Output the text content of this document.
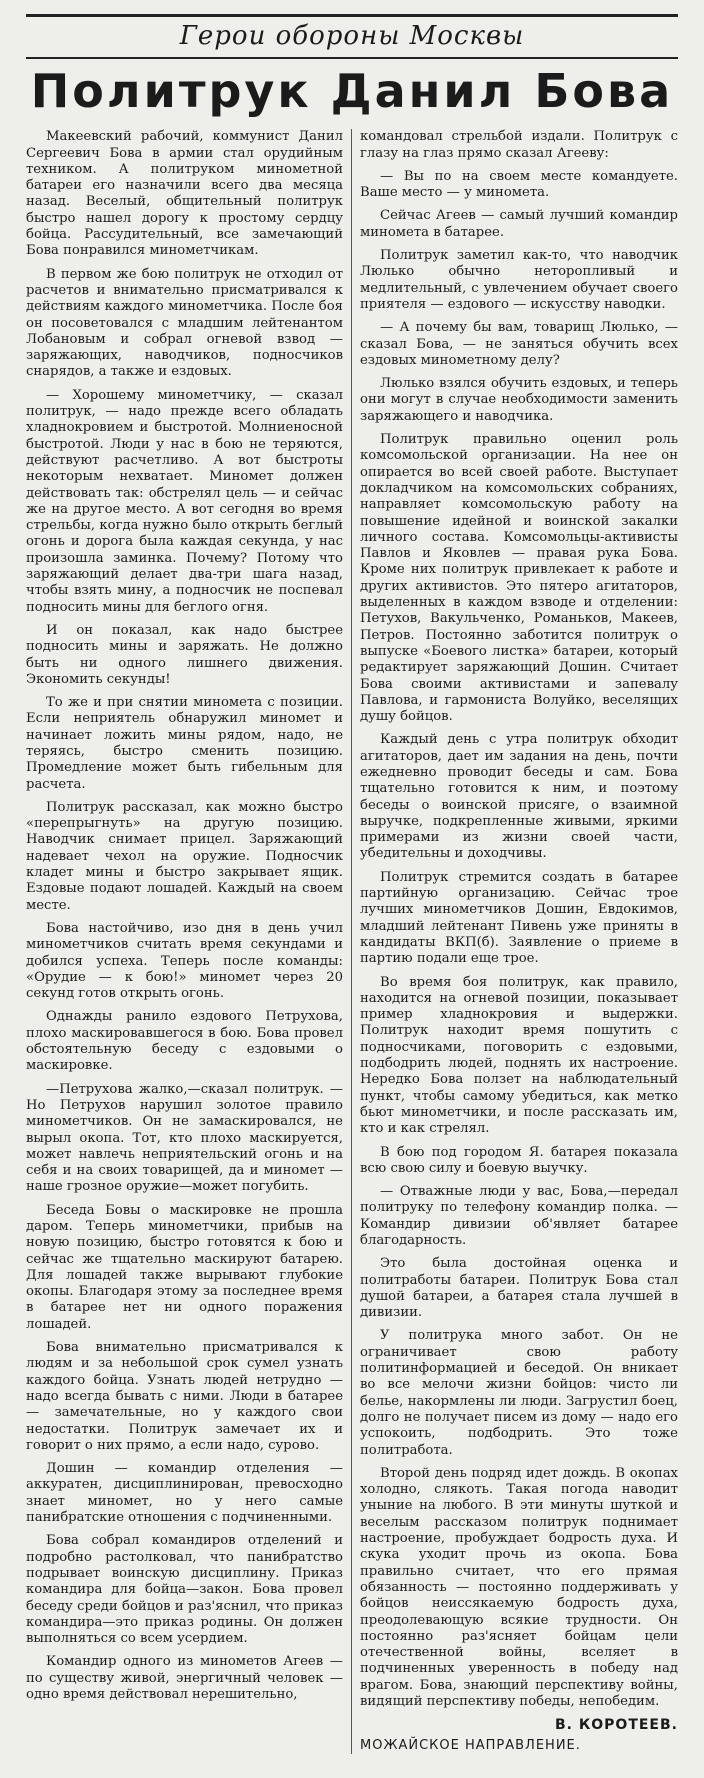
Герои обороны Москвы
Политрук Данил Бова

Макеевский рабочий, коммунист Данил Сергеевич Бова в армии стал орудийным техником. А политруком минометной батареи его назначили всего два месяца назад. Веселый, общительный политрук быстро нашел дорогу к простому сердцу бойца. Рассудительный, все замечающий Бова понравился минометчикам.

В первом же бою политрук не отходил от расчетов и внимательно присматривался к действиям каждого минометчика. После боя он посоветовался с младшим лейтенантом Лобановым и собрал огневой взвод — заряжающих, наводчиков, подносчиков снарядов, а также и ездовых.

— Хорошему минометчику, — сказал политрук, — надо прежде всего обладать хладнокровием и быстротой. Молниеносной быстротой. Люди у нас в бою не теряются, действуют расчетливо. А вот быстроты некоторым нехватает. Миномет должен действовать так: обстрелял цель — и сейчас же на другое место. А вот сегодня во время стрельбы, когда нужно было открыть беглый огонь и дорога была каждая секунда, у нас произошла заминка. Почему? Потому что заряжающий делает два-три шага назад, чтобы взять мину, а подносчик не поспевал подносить мины для беглого огня.

И он показал, как надо быстрее подносить мины и заряжать. Не должно быть ни одного лишнего движения. Экономить секунды!

То же и при снятии миномета с позиции. Если неприятель обнаружил миномет и начинает ложить мины рядом, надо, не теряясь, быстро сменить позицию. Промедление может быть гибельным для расчета.

Политрук рассказал, как можно быстро «перепрыгнуть» на другую позицию. Наводчик снимает прицел. Заряжающий надевает чехол на оружие. Подносчик кладет мины и быстро закрывает ящик. Ездовые подают лошадей. Каждый на своем месте.

Бова настойчиво, изо дня в день учил минометчиков считать время секундами и добился успеха. Теперь после команды: «Орудие — к бою!» миномет через 20 секунд готов открыть огонь.

Однажды ранило ездового Петрухова, плохо маскировавшегося в бою. Бова провел обстоятельную беседу с ездовыми о маскировке.

—Петрухова жалко,—сказал политрук. — Но Петрухов нарушил золотое правило минометчиков. Он не замаскировался, не вырыл окопа. Тот, кто плохо маскируется, может навлечь неприятельский огонь и на себя и на своих товарищей, да и миномет — наше грозное оружие—может погубить.

Беседа Бовы о маскировке не прошла даром. Теперь минометчики, прибыв на новую позицию, быстро готовятся к бою и сейчас же тщательно маскируют батарею. Для лошадей также вырывают глубокие окопы. Благодаря этому за последнее время в батарее нет ни одного поражения лошадей.

Бова внимательно присматривался к людям и за небольшой срок сумел узнать каждого бойца. Узнать людей нетрудно — надо всегда бывать с ними. Люди в батарее — замечательные, но у каждого свои недостатки. Политрук замечает их и говорит о них прямо, а если надо, сурово.

Дошин — командир отделения — аккуратен, дисциплинирован, превосходно знает миномет, но у него самые панибратские отношения с подчиненными.

Бова собрал командиров отделений и подробно растолковал, что панибратство подрывает воинскую дисциплину. Приказ командира для бойца—закон. Бова провел беседу среди бойцов и раз'яснил, что приказ командира—это приказ родины. Он должен выполняться со всем усердием.

Командир одного из минометов Агеев — по существу живой, энергичный человек — одно время действовал нерешительно,

командовал стрельбой издали. Политрук с глазу на глаз прямо сказал Агееву:

— Вы по на своем месте командуете. Ваше место — у миномета.

Сейчас Агеев — самый лучший командир миномета в батарее.

Политрук заметил как-то, что наводчик Люлько обычно неторопливый и медлительный, с увлечением обучает своего приятеля — ездового — искусству наводки.

— А почему бы вам, товарищ Люлько, — сказал Бова, — не заняться обучить всех ездовых минометному делу?

Люлько взялся обучить ездовых, и теперь они могут в случае необходимости заменить заряжающего и наводчика.

Политрук правильно оценил роль комсомольской организации. На нее он опирается во всей своей работе. Выступает докладчиком на комсомольских собраниях, направляет комсомольскую работу на повышение идейной и воинской закалки личного состава. Комсомольцы-активисты Павлов и Яковлев — правая рука Бова. Кроме них политрук привлекает к работе и других активистов. Это пятеро агитаторов, выделенных в каждом взводе и отделении: Петухов, Вакульченко, Романьков, Макеев, Петров. Постоянно заботится политрук о выпуске «Боевого листка» батареи, который редактирует заряжающий Дошин. Считает Бова своими активистами и запевалу Павлова, и гармониста Волуйко, веселящих душу бойцов.

Каждый день с утра политрук обходит агитаторов, дает им задания на день, почти ежедневно проводит беседы и сам. Бова тщательно готовится к ним, и поэтому беседы о воинской присяге, о взаимной выручке, подкрепленные живыми, яркими примерами из жизни своей части, убедительны и доходчивы.

Политрук стремится создать в батарее партийную организацию. Сейчас трое лучших минометчиков Дошин, Евдокимов, младший лейтенант Пивень уже приняты в кандидаты ВКП(б). Заявление о приеме в партию подали еще трое.

Во время боя политрук, как правило, находится на огневой позиции, показывает пример хладнокровия и выдержки. Политрук находит время пошутить с подносчиками, поговорить с ездовыми, подбодрить людей, поднять их настроение. Нередко Бова ползет на наблюдательный пункт, чтобы самому убедиться, как метко бьют минометчики, и после рассказать им, кто и как стрелял.

В бою под городом Я. батарея показала всю свою силу и боевую выучку.

— Отважные люди у вас, Бова,—передал политруку по телефону командир полка. — Командир дивизии об'являет батарее благодарность.

Это была достойная оценка и политработы батареи. Политрук Бова стал душой батареи, а батарея стала лучшей в дивизии.

У политрука много забот. Он не ограничивает свою работу политинформацией и беседой. Он вникает во все мелочи жизни бойцов: чисто ли белье, накормлены ли люди. Загрустил боец, долго не получает писем из дому — надо его успокоить, подбодрить. Это тоже политработа.

Второй день подряд идет дождь. В окопах холодно, слякоть. Такая погода наводит уныние на любого. В эти минуты шуткой и веселым рассказом политрук поднимает настроение, пробуждает бодрость духа. И скука уходит прочь из окопа. Бова правильно считает, что его прямая обязанность — постоянно поддерживать у бойцов неиссякаемую бодрость духа, преодолевающую всякие трудности. Он постоянно раз'ясняет бойцам цели отечественной войны, вселяет в подчиненных уверенность в победу над врагом. Бова, знающий перспективу войны, видящий перспективу победы, непобедим.

В. КОРОТЕЕВ.
МОЖАЙСКОЕ НАПРАВЛЕНИЕ.
